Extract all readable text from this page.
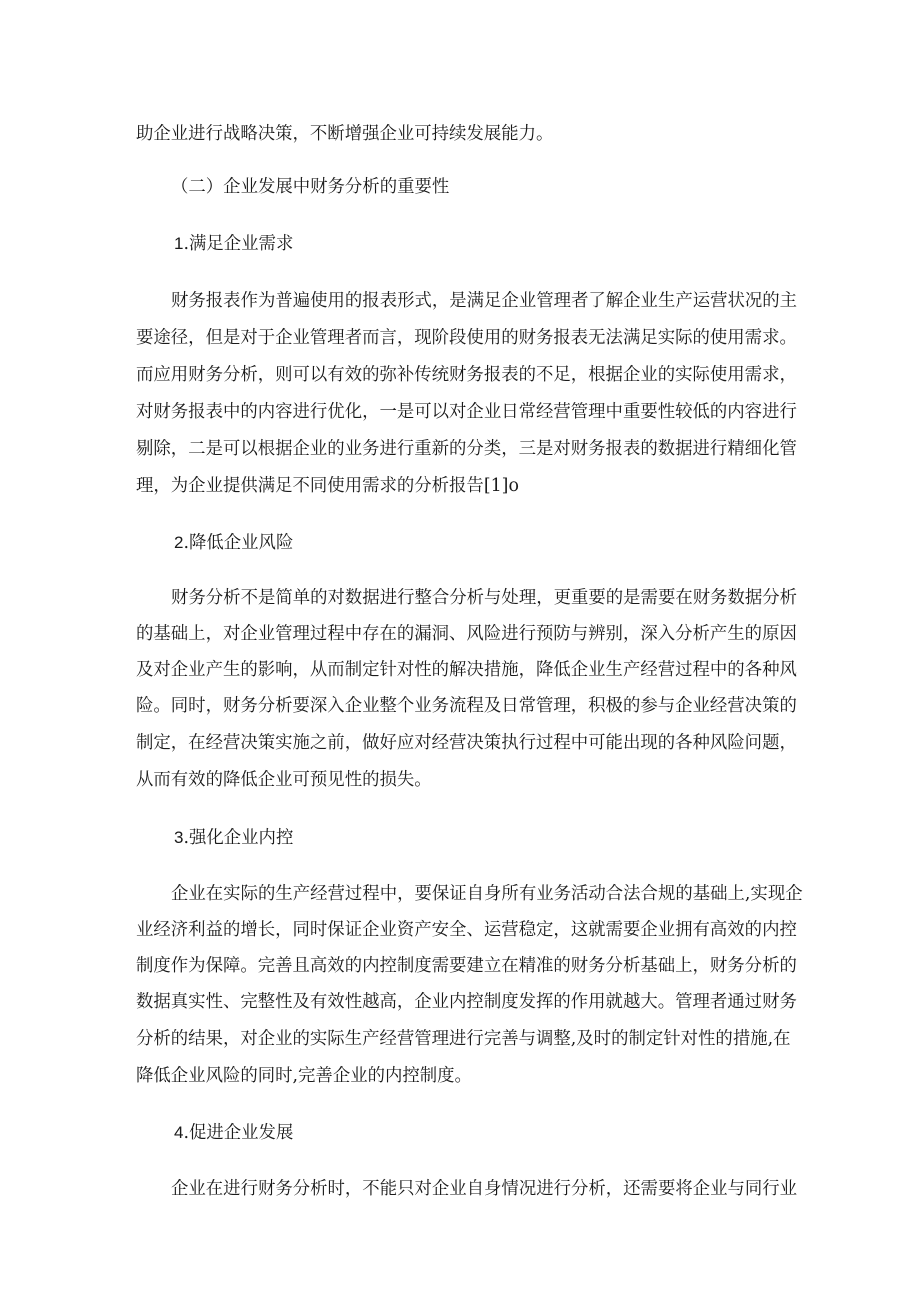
助企业进行战略决策，不断增强企业可持续发展能力。
（二）企业发展中财务分析的重要性
1.满足企业需求
财务报表作为普遍使用的报表形式，是满足企业管理者了解企业生产运营状况的主
要途径，但是对于企业管理者而言，现阶段使用的财务报表无法满足实际的使用需求。
而应用财务分析，则可以有效的弥补传统财务报表的不足，根据企业的实际使用需求，
对财务报表中的内容进行优化，一是可以对企业日常经营管理中重要性较低的内容进行
剔除，二是可以根据企业的业务进行重新的分类，三是对财务报表的数据进行精细化管
理，为企业提供满足不同使用需求的分析报告[1]o
2.降低企业风险
财务分析不是简单的对数据进行整合分析与处理，更重要的是需要在财务数据分析
的基础上，对企业管理过程中存在的漏洞、风险进行预防与辨别，深入分析产生的原因
及对企业产生的影响，从而制定针对性的解决措施，降低企业生产经营过程中的各种风
险。同时，财务分析要深入企业整个业务流程及日常管理，积极的参与企业经营决策的
制定，在经营决策实施之前，做好应对经营决策执行过程中可能出现的各种风险问题，
从而有效的降低企业可预见性的损失。
3.强化企业内控
企业在实际的生产经营过程中，要保证自身所有业务活动合法合规的基础上,实现企
业经济利益的增长，同时保证企业资产安全、运营稳定，这就需要企业拥有高效的内控
制度作为保障。完善且高效的内控制度需要建立在精准的财务分析基础上，财务分析的
数据真实性、完整性及有效性越高，企业内控制度发挥的作用就越大。管理者通过财务
分析的结果，对企业的实际生产经营管理进行完善与调整,及时的制定针对性的措施,在
降低企业风险的同时,完善企业的内控制度。
4.促进企业发展
企业在进行财务分析时，不能只对企业自身情况进行分析，还需要将企业与同行业
